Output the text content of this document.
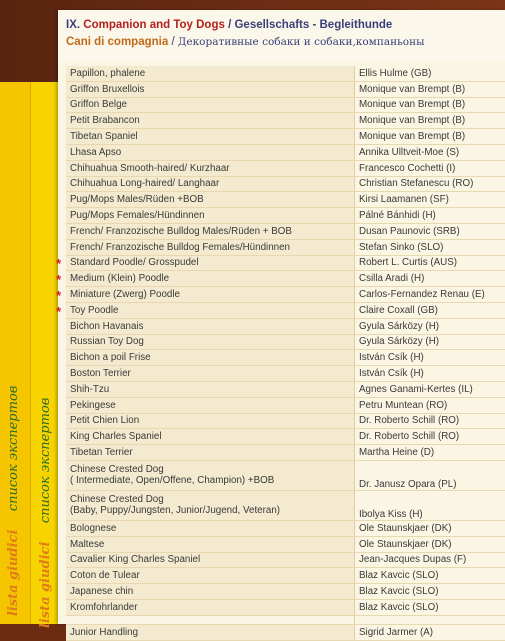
lista giudici список экспертов
lista giudici список экспертов
IX. Companion and Toy Dogs / Gesellschafts - Begleithunde
Cani di compagnia / Декоративные собаки и собаки,компаньоны
Papillon, phalene	Ellis Hulme (GB)
Griffon Bruxellois	Monique van Brempt (B)
Griffon Belge	Monique van Brempt (B)
Petit Brabancon	Monique van Brempt (B)
Tibetan Spaniel	Monique van Brempt (B)
Lhasa Apso	Annika Ulltveit-Moe (S)
Chihuahua Smooth-haired/ Kurzhaar	Francesco Cochetti (I)
Chihuahua Long-haired/ Langhaar	Christian Stefanescu (RO)
Pug/Mops Males/Rüden +BOB	Kirsi Laamanen (SF)
Pug/Mops Females/Hündinnen	Pálné Bánhidi (H)
French/ Franzozische Bulldog Males/Rüden + BOB	Dusan Paunovic (SRB)
French/ Franzozische Bulldog Females/Hündinnen	Stefan Sinko (SLO)

* Standard Poodle/ Grosspudel	Robert L. Curtis (AUS)

* Medium (Klein) Poodle	Csilla Aradi (H)

* Miniature (Zwerg) Poodle	Carlos-Fernandez Renau (E)

* Toy Poodle	Claire Coxall (GB)
Bichon Havanais	Gyula Sárközy (H)
Russian Toy Dog	Gyula Sárközy (H)
Bichon a poil Frise	István Csík (H)
Boston Terrier	István Csík (H)
Shih-Tzu	Agnes Ganami-Kertes (IL)
Pekingese	Petru Muntean (RO)
Petit Chien Lion	Dr. Roberto Schill (RO)
King Charles Spaniel	Dr. Roberto Schill (RO)
Tibetan Terrier	Martha Heine (D)
Chinese Crested Dog
( Intermediate, Open/Offene, Champion) +BOB	Dr. Janusz Opara (PL)
Chinese Crested Dog
(Baby, Puppy/Jungsten, Junior/Jugend, Veteran)	Ibolya Kiss (H)
Bolognese	Ole Staunskjaer (DK)
Maltese	Ole Staunskjaer (DK)
Cavalier King Charles Spaniel	Jean-Jacques Dupas (F)
Coton de Tulear	Blaz Kavcic (SLO)
Japanese chin	Blaz Kavcic (SLO)
Kromfohrlander	Blaz Kavcic (SLO)

Junior Handling	Sigrid Jarmer (A)
